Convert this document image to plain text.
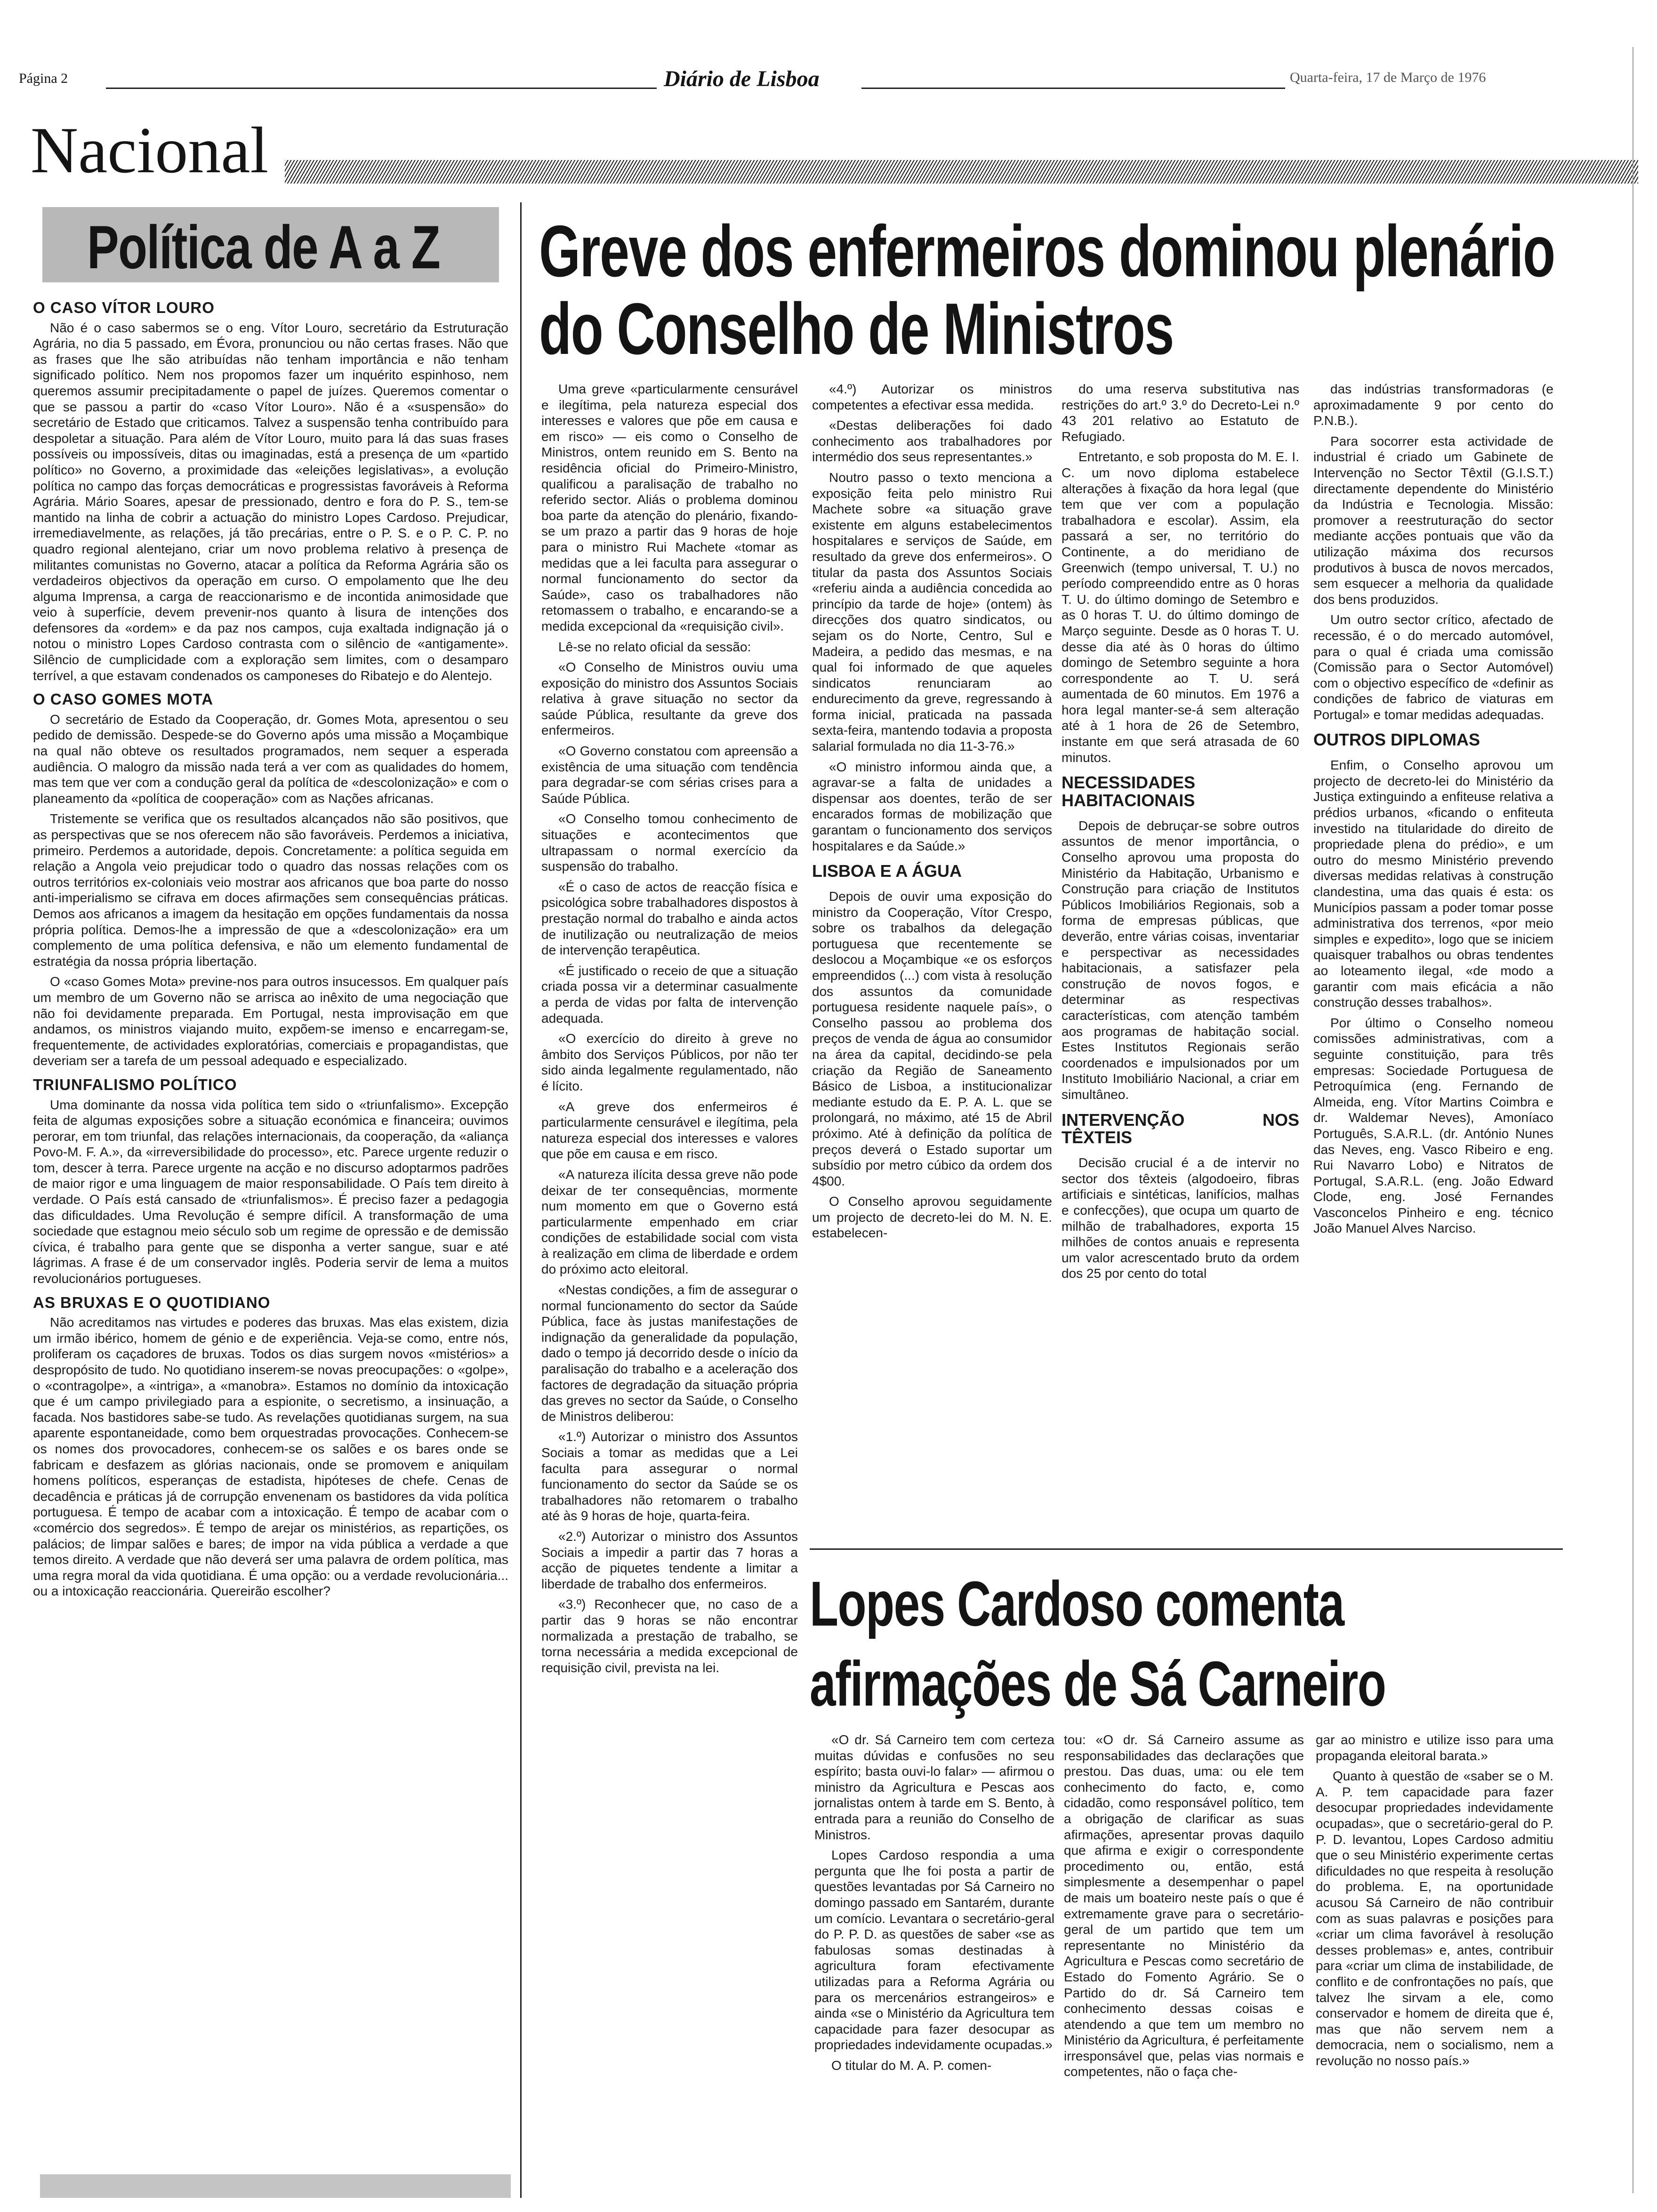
Página 2	Diário de Lisboa	Quarta-feira, 17 de Março de 1976
Nacional
Política de A a Z
O CASO VÍTOR LOURO

Não é o caso sabermos se o eng. Vítor Louro, secretário da Estruturação Agrária, no dia 5 passado, em Évora, pronunciou ou não certas frases. Não que as frases que lhe são atribuídas não tenham importância e não tenham significado político. Nem nos propomos fazer um inquérito espinhoso, nem queremos assumir precipitadamente o papel de juízes. Queremos comentar o que se passou a partir do «caso Vítor Louro». Não é a «suspensão» do secretário de Estado que criticamos. Talvez a suspensão tenha contribuído para despoletar a situação. Para além de Vítor Louro, muito para lá das suas frases possíveis ou impossíveis, ditas ou imaginadas, está a presença de um «partido político» no Governo, a proximidade das «eleições legislativas», a evolução política no campo das forças democráticas e progressistas favoráveis à Reforma Agrária. Mário Soares, apesar de pressionado, dentro e fora do P. S., tem-se mantido na linha de cobrir a actuação do ministro Lopes Cardoso. Prejudicar, irremediavelmente, as relações, já tão precárias, entre o P. S. e o P. C. P. no quadro regional alentejano, criar um novo problema relativo à presença de militantes comunistas no Governo, atacar a política da Reforma Agrária são os verdadeiros objectivos da operação em curso. O empolamento que lhe deu alguma Imprensa, a carga de reaccionarismo e de incontida animosidade que veio à superfície, devem prevenir-nos quanto à lisura de intenções dos defensores da «ordem» e da paz nos campos, cuja exaltada indignação já o notou o ministro Lopes Cardoso contrasta com o silêncio de «antigamente». Silêncio de cumplicidade com a exploração sem limites, com o desamparo terrível, a que estavam condenados os camponeses do Ribatejo e do Alentejo.

O CASO GOMES MOTA

O secretário de Estado da Cooperação, dr. Gomes Mota, apresentou o seu pedido de demissão. Despede-se do Governo após uma missão a Moçambique na qual não obteve os resultados programados, nem sequer a esperada audiência. O malogro da missão nada terá a ver com as qualidades do homem, mas tem que ver com a condução geral da política de «descolonização» e com o planeamento da «política de cooperação» com as Nações africanas.

Tristemente se verifica que os resultados alcançados não são positivos, que as perspectivas que se nos oferecem não são favoráveis. Perdemos a iniciativa, primeiro. Perdemos a autoridade, depois. Concretamente: a política seguida em relação a Angola veio prejudicar todo o quadro das nossas relações com os outros territórios ex-coloniais veio mostrar aos africanos que boa parte do nosso anti-imperialismo se cifrava em doces afirmações sem consequências práticas. Demos aos africanos a imagem da hesitação em opções fundamentais da nossa própria política. Demos-lhe a impressão de que a «descolonização» era um complemento de uma política defensiva, e não um elemento fundamental de estratégia da nossa própria libertação.

O «caso Gomes Mota» previne-nos para outros insucessos. Em qualquer país um membro de um Governo não se arrisca ao inêxito de uma negociação que não foi devidamente preparada. Em Portugal, nesta improvisação em que andamos, os ministros viajando muito, expõem-se imenso e encarregam-se, frequentemente, de actividades exploratórias, comerciais e propagandistas, que deveriam ser a tarefa de um pessoal adequado e especializado.

TRIUNFALISMO POLÍTICO

Uma dominante da nossa vida política tem sido o «triunfalismo». Excepção feita de algumas exposições sobre a situação económica e financeira; ouvimos perorar, em tom triunfal, das relações internacionais, da cooperação, da «aliança Povo-M. F. A.», da «irreversibilidade do processo», etc. Parece urgente reduzir o tom, descer à terra. Parece urgente na acção e no discurso adoptarmos padrões de maior rigor e uma linguagem de maior responsabilidade. O País tem direito à verdade. O País está cansado de «triunfalismos». É preciso fazer a pedagogia das dificuldades. Uma Revolução é sempre difícil. A transformação de uma sociedade que estagnou meio século sob um regime de opressão e de demissão cívica, é trabalho para gente que se disponha a verter sangue, suar e até lágrimas. A frase é de um conservador inglês. Poderia servir de lema a muitos revolucionários portugueses.

AS BRUXAS E O QUOTIDIANO

Não acreditamos nas virtudes e poderes das bruxas. Mas elas existem, dizia um irmão ibérico, homem de génio e de experiência. Veja-se como, entre nós, proliferam os caçadores de bruxas. Todos os dias surgem novos «mistérios» a despropósito de tudo. No quotidiano inserem-se novas preocupações: o «golpe», o «contragolpe», a «intriga», a «manobra». Estamos no domínio da intoxicação que é um campo privilegiado para a espionite, o secretismo, a insinuação, a facada. Nos bastidores sabe-se tudo. As revelações quotidianas surgem, na sua aparente espontaneidade, como bem orquestradas provocações. Conhecem-se os nomes dos provocadores, conhecem-se os salões e os bares onde se fabricam e desfazem as glórias nacionais, onde se promovem e aniquilam homens políticos, esperanças de estadista, hipóteses de chefe. Cenas de decadência e práticas já de corrupção envenenam os bastidores da vida política portuguesa. É tempo de acabar com a intoxicação. É tempo de acabar com o «comércio dos segredos». É tempo de arejar os ministérios, as repartições, os palácios; de limpar salões e bares; de impor na vida pública a verdade a que temos direito. A verdade que não deverá ser uma palavra de ordem política, mas uma regra moral da vida quotidiana. É uma opção: ou a verdade revolucionária... ou a intoxicação reaccionária. Quereirão escolher?

Greve dos enfermeiros dominou plenário
do Conselho de Ministros

Uma greve «particularmente censurável e ilegítima, pela natureza especial dos interesses e valores que põe em causa e em risco» — eis como o Conselho de Ministros, ontem reunido em S. Bento na residência oficial do Primeiro-Ministro, qualificou a paralisação de trabalho no referido sector. Aliás o problema dominou boa parte da atenção do plenário, fixando-se um prazo a partir das 9 horas de hoje para o ministro Rui Machete «tomar as medidas que a lei faculta para assegurar o normal funcionamento do sector da Saúde», caso os trabalhadores não retomassem o trabalho, e encarando-se a medida excepcional da «requisição civil».

Lê-se no relato oficial da sessão:

«O Conselho de Ministros ouviu uma exposição do ministro dos Assuntos Sociais relativa à grave situação no sector da saúde Pública, resultante da greve dos enfermeiros.

«O Governo constatou com apreensão a existência de uma situação com tendência para degradar-se com sérias crises para a Saúde Pública.

«O Conselho tomou conhecimento de situações e acontecimentos que ultrapassam o normal exercício da suspensão do trabalho.

«É o caso de actos de reacção física e psicológica sobre trabalhadores dispostos à prestação normal do trabalho e ainda actos de inutilização ou neutralização de meios de intervenção terapêutica.

«É justificado o receio de que a situação criada possa vir a determinar casualmente a perda de vidas por falta de intervenção adequada.

«O exercício do direito à greve no âmbito dos Serviços Públicos, por não ter sido ainda legalmente regulamentado, não é lícito.

«A greve dos enfermeiros é particularmente censurável e ilegítima, pela natureza especial dos interesses e valores que põe em causa e em risco.

«A natureza ilícita dessa greve não pode deixar de ter consequências, mormente num momento em que o Governo está particularmente empenhado em criar condições de estabilidade social com vista à realização em clima de liberdade e ordem do próximo acto eleitoral.

«Nestas condições, a fim de assegurar o normal funcionamento do sector da Saúde Pública, face às justas manifestações de indignação da generalidade da população, dado o tempo já decorrido desde o início da paralisação do trabalho e a aceleração dos factores de degradação da situação própria das greves no sector da Saúde, o Conselho de Ministros deliberou:

«1.º) Autorizar o ministro dos Assuntos Sociais a tomar as medidas que a Lei faculta para assegurar o normal funcionamento do sector da Saúde se os trabalhadores não retomarem o trabalho até às 9 horas de hoje, quarta-feira.

«2.º) Autorizar o ministro dos Assuntos Sociais a impedir a partir das 7 horas a acção de piquetes tendente a limitar a liberdade de trabalho dos enfermeiros.

«3.º) Reconhecer que, no caso de a partir das 9 horas se não encontrar normalizada a prestação de trabalho, se torna necessária a medida excepcional de requisição civil, prevista na lei.

«4.º) Autorizar os ministros competentes a efectivar essa medida.

«Destas deliberações foi dado conhecimento aos trabalhadores por intermédio dos seus representantes.»

Noutro passo o texto menciona a exposição feita pelo ministro Rui Machete sobre «a situação grave existente em alguns estabelecimentos hospitalares e serviços de Saúde, em resultado da greve dos enfermeiros». O titular da pasta dos Assuntos Sociais «referiu ainda a audiência concedida ao princípio da tarde de hoje» (ontem) às direcções dos quatro sindicatos, ou sejam os do Norte, Centro, Sul e Madeira, a pedido das mesmas, e na qual foi informado de que aqueles sindicatos renunciaram ao endurecimento da greve, regressando à forma inicial, praticada na passada sexta-feira, mantendo todavia a proposta salarial formulada no dia 11-3-76.»

«O ministro informou ainda que, a agravar-se a falta de unidades a dispensar aos doentes, terão de ser encarados formas de mobilização que garantam o funcionamento dos serviços hospitalares e da Saúde.»

LISBOA E A ÁGUA

Depois de ouvir uma exposição do ministro da Cooperação, Vítor Crespo, sobre os trabalhos da delegação portuguesa que recentemente se deslocou a Moçambique «e os esforços empreendidos (...) com vista à resolução dos assuntos da comunidade portuguesa residente naquele país», o Conselho passou ao problema dos preços de venda de água ao consumidor na área da capital, decidindo-se pela criação da Região de Saneamento Básico de Lisboa, a institucionalizar mediante estudo da E. P. A. L. que se prolongará, no máximo, até 15 de Abril próximo. Até à definição da política de preços deverá o Estado suportar um subsídio por metro cúbico da ordem dos 4$00.

O Conselho aprovou seguidamente um projecto de decreto-lei do M. N. E. estabelecen-

do uma reserva substitutiva nas restrições do art.º 3.º do Decreto-Lei n.º 43 201 relativo ao Estatuto de Refugiado.

Entretanto, e sob proposta do M. E. I. C. um novo diploma estabelece alterações à fixação da hora legal (que tem que ver com a população trabalhadora e escolar). Assim, ela passará a ser, no território do Continente, a do meridiano de Greenwich (tempo universal, T. U.) no período compreendido entre as 0 horas T. U. do último domingo de Setembro e as 0 horas T. U. do último domingo de Março seguinte. Desde as 0 horas T. U. desse dia até às 0 horas do último domingo de Setembro seguinte a hora correspondente ao T. U. será aumentada de 60 minutos. Em 1976 a hora legal manter-se-á sem alteração até à 1 hora de 26 de Setembro, instante em que será atrasada de 60 minutos.

NECESSIDADES HABITACIONAIS

Depois de debruçar-se sobre outros assuntos de menor importância, o Conselho aprovou uma proposta do Ministério da Habitação, Urbanismo e Construção para criação de Institutos Públicos Imobiliários Regionais, sob a forma de empresas públicas, que deverão, entre várias coisas, inventariar e perspectivar as necessidades habitacionais, a satisfazer pela construção de novos fogos, e determinar as respectivas características, com atenção também aos programas de habitação social. Estes Institutos Regionais serão coordenados e impulsionados por um Instituto Imobiliário Nacional, a criar em simultâneo.

INTERVENÇÃO NOS TÊXTEIS

Decisão crucial é a de intervir no sector dos têxteis (algodoeiro, fibras artificiais e sintéticas, lanifícios, malhas e confecções), que ocupa um quarto de milhão de trabalhadores, exporta 15 milhões de contos anuais e representa um valor acrescentado bruto da ordem dos 25 por cento do total

das indústrias transformadoras (e aproximadamente 9 por cento do P.N.B.).

Para socorrer esta actividade de industrial é criado um Gabinete de Intervenção no Sector Têxtil (G.I.S.T.) directamente dependente do Ministério da Indústria e Tecnologia. Missão: promover a reestruturação do sector mediante acções pontuais que vão da utilização máxima dos recursos produtivos à busca de novos mercados, sem esquecer a melhoria da qualidade dos bens produzidos.

Um outro sector crítico, afectado de recessão, é o do mercado automóvel, para o qual é criada uma comissão (Comissão para o Sector Automóvel) com o objectivo específico de «definir as condições de fabrico de viaturas em Portugal» e tomar medidas adequadas.

OUTROS DIPLOMAS

Enfim, o Conselho aprovou um projecto de decreto-lei do Ministério da Justiça extinguindo a enfiteuse relativa a prédios urbanos, «ficando o enfiteuta investido na titularidade do direito de propriedade plena do prédio», e um outro do mesmo Ministério prevendo diversas medidas relativas à construção clandestina, uma das quais é esta: os Municípios passam a poder tomar posse administrativa dos terrenos, «por meio simples e expedito», logo que se iniciem quaisquer trabalhos ou obras tendentes ao loteamento ilegal, «de modo a garantir com mais eficácia a não construção desses trabalhos».

Por último o Conselho nomeou comissões administrativas, com a seguinte constituição, para três empresas: Sociedade Portuguesa de Petroquímica (eng. Fernando de Almeida, eng. Vítor Martins Coimbra e dr. Waldemar Neves), Amoníaco Português, S.A.R.L. (dr. António Nunes das Neves, eng. Vasco Ribeiro e eng. Rui Navarro Lobo) e Nitratos de Portugal, S.A.R.L. (eng. João Edward Clode, eng. José Fernandes Vasconcelos Pinheiro e eng. técnico João Manuel Alves Narciso.

Lopes Cardoso comenta
afirmações de Sá Carneiro

«O dr. Sá Carneiro tem com certeza muitas dúvidas e confusões no seu espírito; basta ouvi-lo falar» — afirmou o ministro da Agricultura e Pescas aos jornalistas ontem à tarde em S. Bento, à entrada para a reunião do Conselho de Ministros.

Lopes Cardoso respondia a uma pergunta que lhe foi posta a partir de questões levantadas por Sá Carneiro no domingo passado em Santarém, durante um comício. Levantara o secretário-geral do P. P. D. as questões de saber «se as fabulosas somas destinadas à agricultura foram efectivamente utilizadas para a Reforma Agrária ou para os mercenários estrangeiros» e ainda «se o Ministério da Agricultura tem capacidade para fazer desocupar as propriedades indevidamente ocupadas.»

O titular do M. A. P. comen-

tou: «O dr. Sá Carneiro assume as responsabilidades das declarações que prestou. Das duas, uma: ou ele tem conhecimento do facto, e, como cidadão, como responsável político, tem a obrigação de clarificar as suas afirmações, apresentar provas daquilo que afirma e exigir o correspondente procedimento ou, então, está simplesmente a desempenhar o papel de mais um boateiro neste país o que é extremamente grave para o secretário-geral de um partido que tem um representante no Ministério da Agricultura e Pescas como secretário de Estado do Fomento Agrário. Se o Partido do dr. Sá Carneiro tem conhecimento dessas coisas e atendendo a que tem um membro no Ministério da Agricultura, é perfeitamente irresponsável que, pelas vias normais e competentes, não o faça che-

gar ao ministro e utilize isso para uma propaganda eleitoral barata.»

Quanto à questão de «saber se o M. A. P. tem capacidade para fazer desocupar propriedades indevidamente ocupadas», que o secretário-geral do P. P. D. levantou, Lopes Cardoso admitiu que o seu Ministério experimente certas dificuldades no que respeita à resolução do problema. E, na oportunidade acusou Sá Carneiro de não contribuir com as suas palavras e posições para «criar um clima favorável à resolução desses problemas» e, antes, contribuir para «criar um clima de instabilidade, de conflito e de confrontações no país, que talvez lhe sirvam a ele, como conservador e homem de direita que é, mas que não servem nem a democracia, nem o socialismo, nem a revolução no nosso país.»
